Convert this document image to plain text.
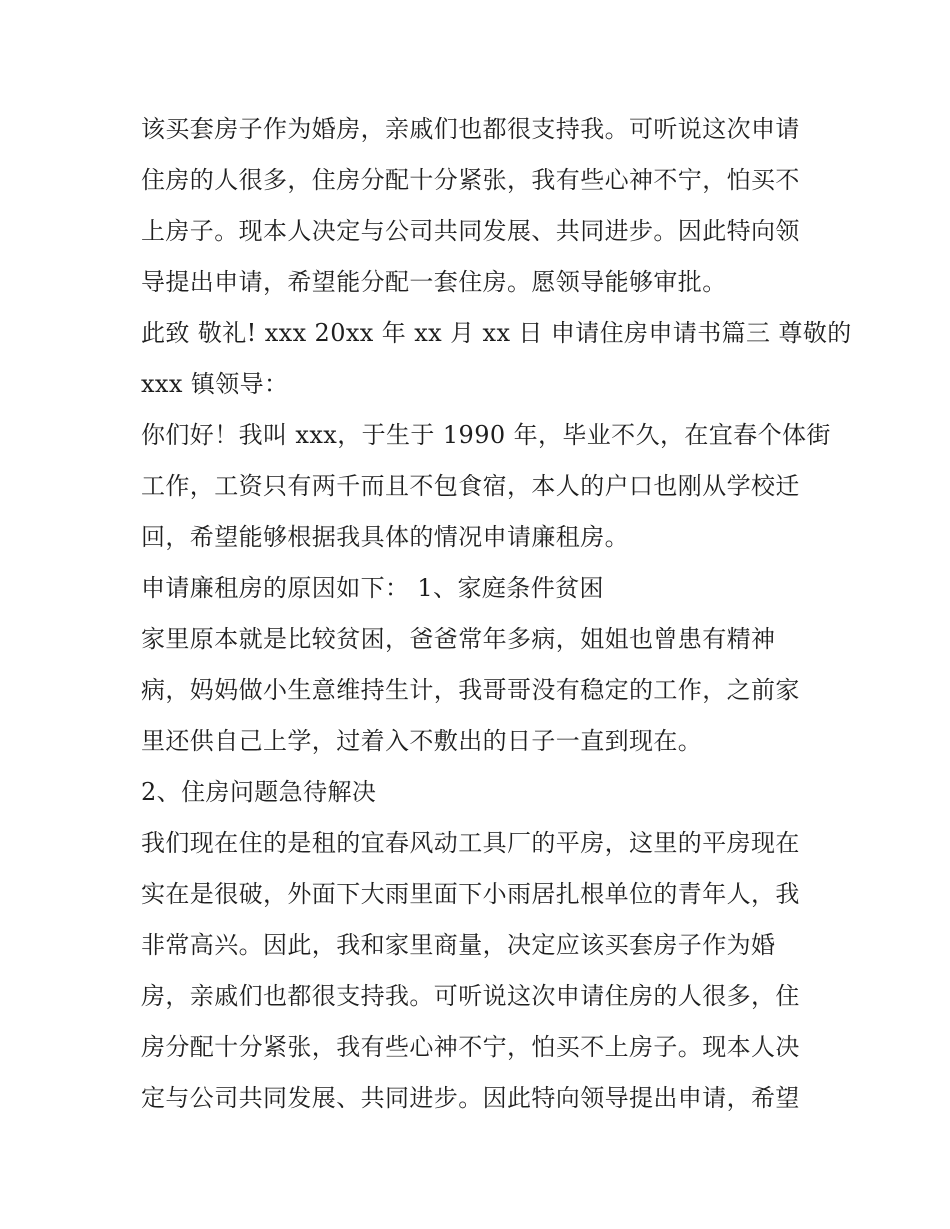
该买套房子作为婚房，亲戚们也都很支持我。可听说这次申请
住房的人很多，住房分配十分紧张，我有些心神不宁，怕买不
上房子。现本人决定与公司共同发展、共同进步。因此特向领
导提出申请，希望能分配一套住房。愿领导能够审批。
此致 敬礼! xxx 20xx 年 xx 月 xx 日 申请住房申请书篇三 尊敬的
xxx 镇领导：
你们好！我叫 xxx，于生于 1990 年，毕业不久，在宜春个体街
工作，工资只有两千而且不包食宿，本人的户口也刚从学校迁
回，希望能够根据我具体的情况申请廉租房。
申请廉租房的原因如下： 1、家庭条件贫困
家里原本就是比较贫困，爸爸常年多病，姐姐也曾患有精神
病，妈妈做小生意维持生计，我哥哥没有稳定的工作，之前家
里还供自己上学，过着入不敷出的日子一直到现在。
2、住房问题急待解决
我们现在住的是租的宜春风动工具厂的平房，这里的平房现在
实在是很破，外面下大雨里面下小雨居扎根单位的青年人，我
非常高兴。因此，我和家里商量，决定应该买套房子作为婚
房，亲戚们也都很支持我。可听说这次申请住房的人很多，住
房分配十分紧张，我有些心神不宁，怕买不上房子。现本人决
定与公司共同发展、共同进步。因此特向领导提出申请，希望
